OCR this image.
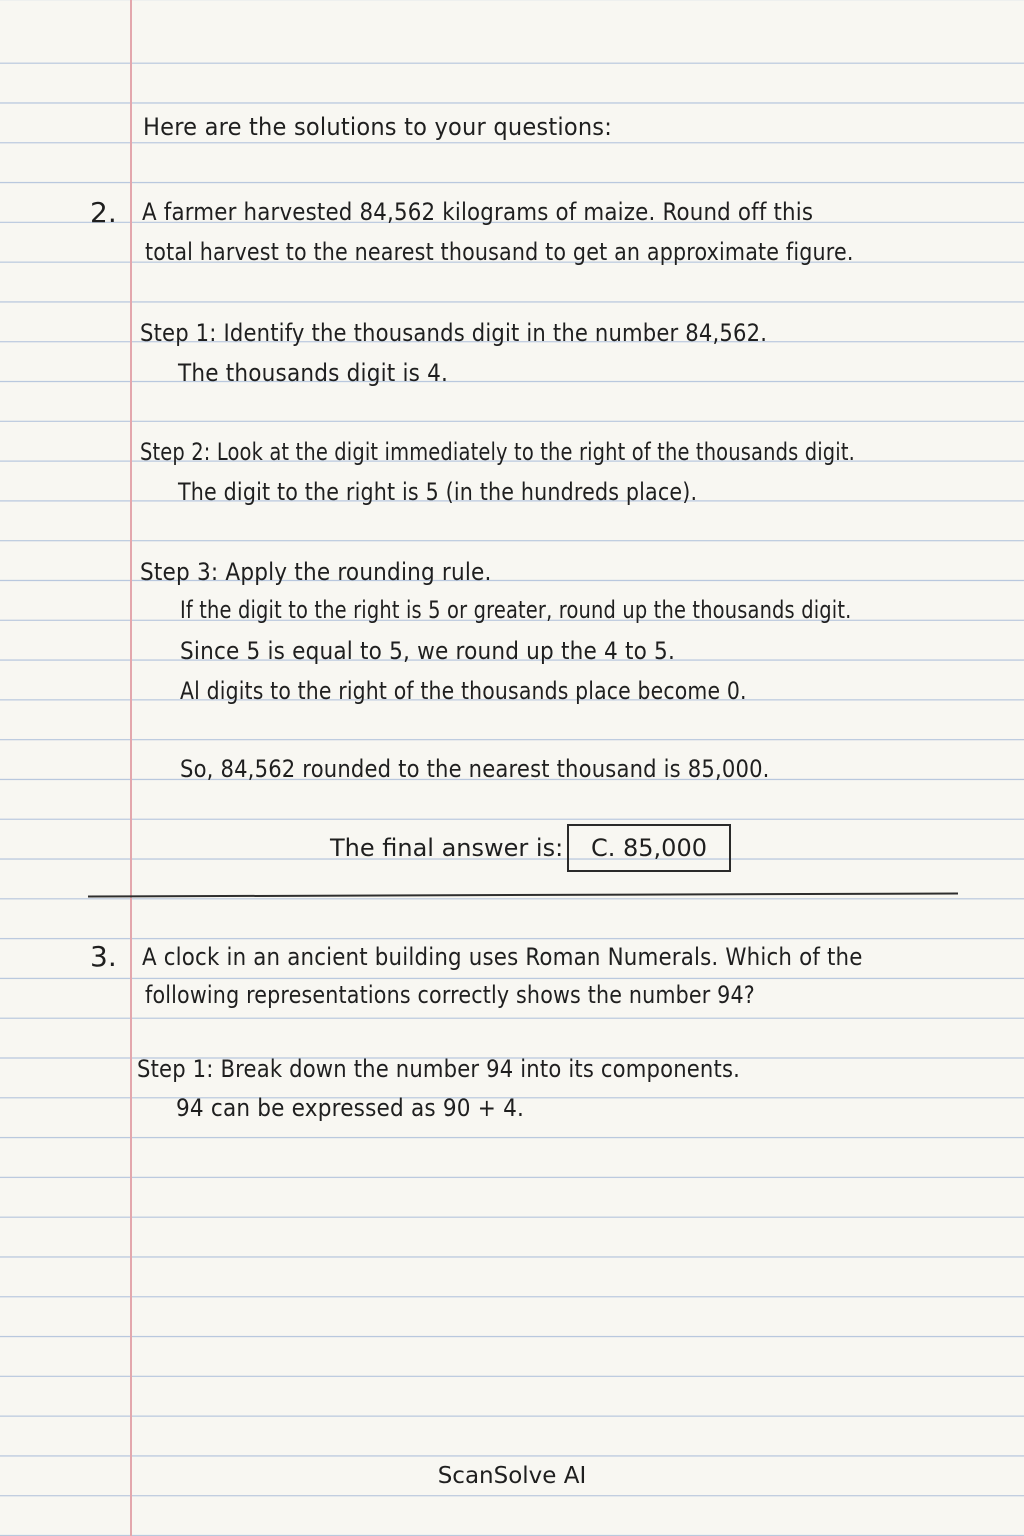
Here are the solutions to your questions:
2. A farmer harvested 84,562 kilograms of maize. Round off this
total harvest to the nearest thousand to get an approximate figure.
Step 1: Identify the thousands digit in the number 84,562.
The thousands digit is 4.
Step 2: Look at the digit immediately to the right of the thousands digit.
The digit to the right is 5 (in the hundreds place).
Step 3: Apply the rounding rule.
If the digit to the right is 5 or greater, round up the thousands digit.
Since 5 is equal to 5, we round up the 4 to 5.
Al digits to the right of the thousands place become 0.
So, 84,562 rounded to the nearest thousand is 85,000.
The final answer is:	C. 85,000
3. A clock in an ancient building uses Roman Numerals. Which of the
following representations correctly shows the number 94?
Step 1: Break down the number 94 into its components.
94 can be expressed as 90 + 4.
ScanSolve AI
